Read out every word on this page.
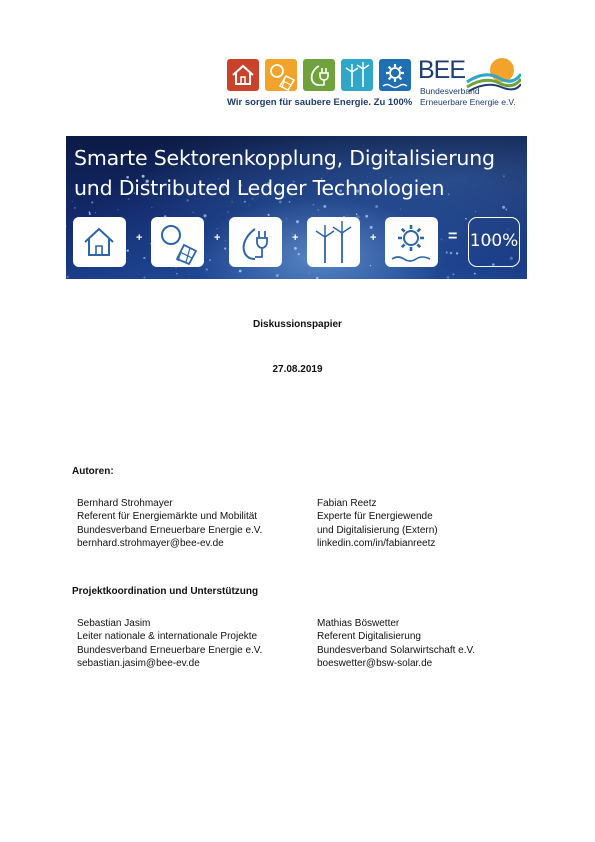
BEE
Bundesverband
Erneuerbare Energie e.V.
Wir sorgen für saubere Energie. Zu 100%
Smarte Sektorenkopplung, Digitalisierung
und Distributed Ledger Technologien
+	+	+	+	= 100%
Diskussionspapier
27.08.2019
Autoren:
Bernhard Strohmayer
Referent für Energiemärkte und Mobilität
Bundesverband Erneuerbare Energie e.V.
bernhard.strohmayer@bee-ev.de
Fabian Reetz
Experte für Energiewende
und Digitalisierung (Extern)
linkedin.com/in/fabianreetz
Projektkoordination und Unterstützung
Sebastian Jasim
Leiter nationale & internationale Projekte
Bundesverband Erneuerbare Energie e.V.
sebastian.jasim@bee-ev.de
Mathias Böswetter
Referent Digitalisierung
Bundesverband Solarwirtschaft e.V.
boeswetter@bsw-solar.de
